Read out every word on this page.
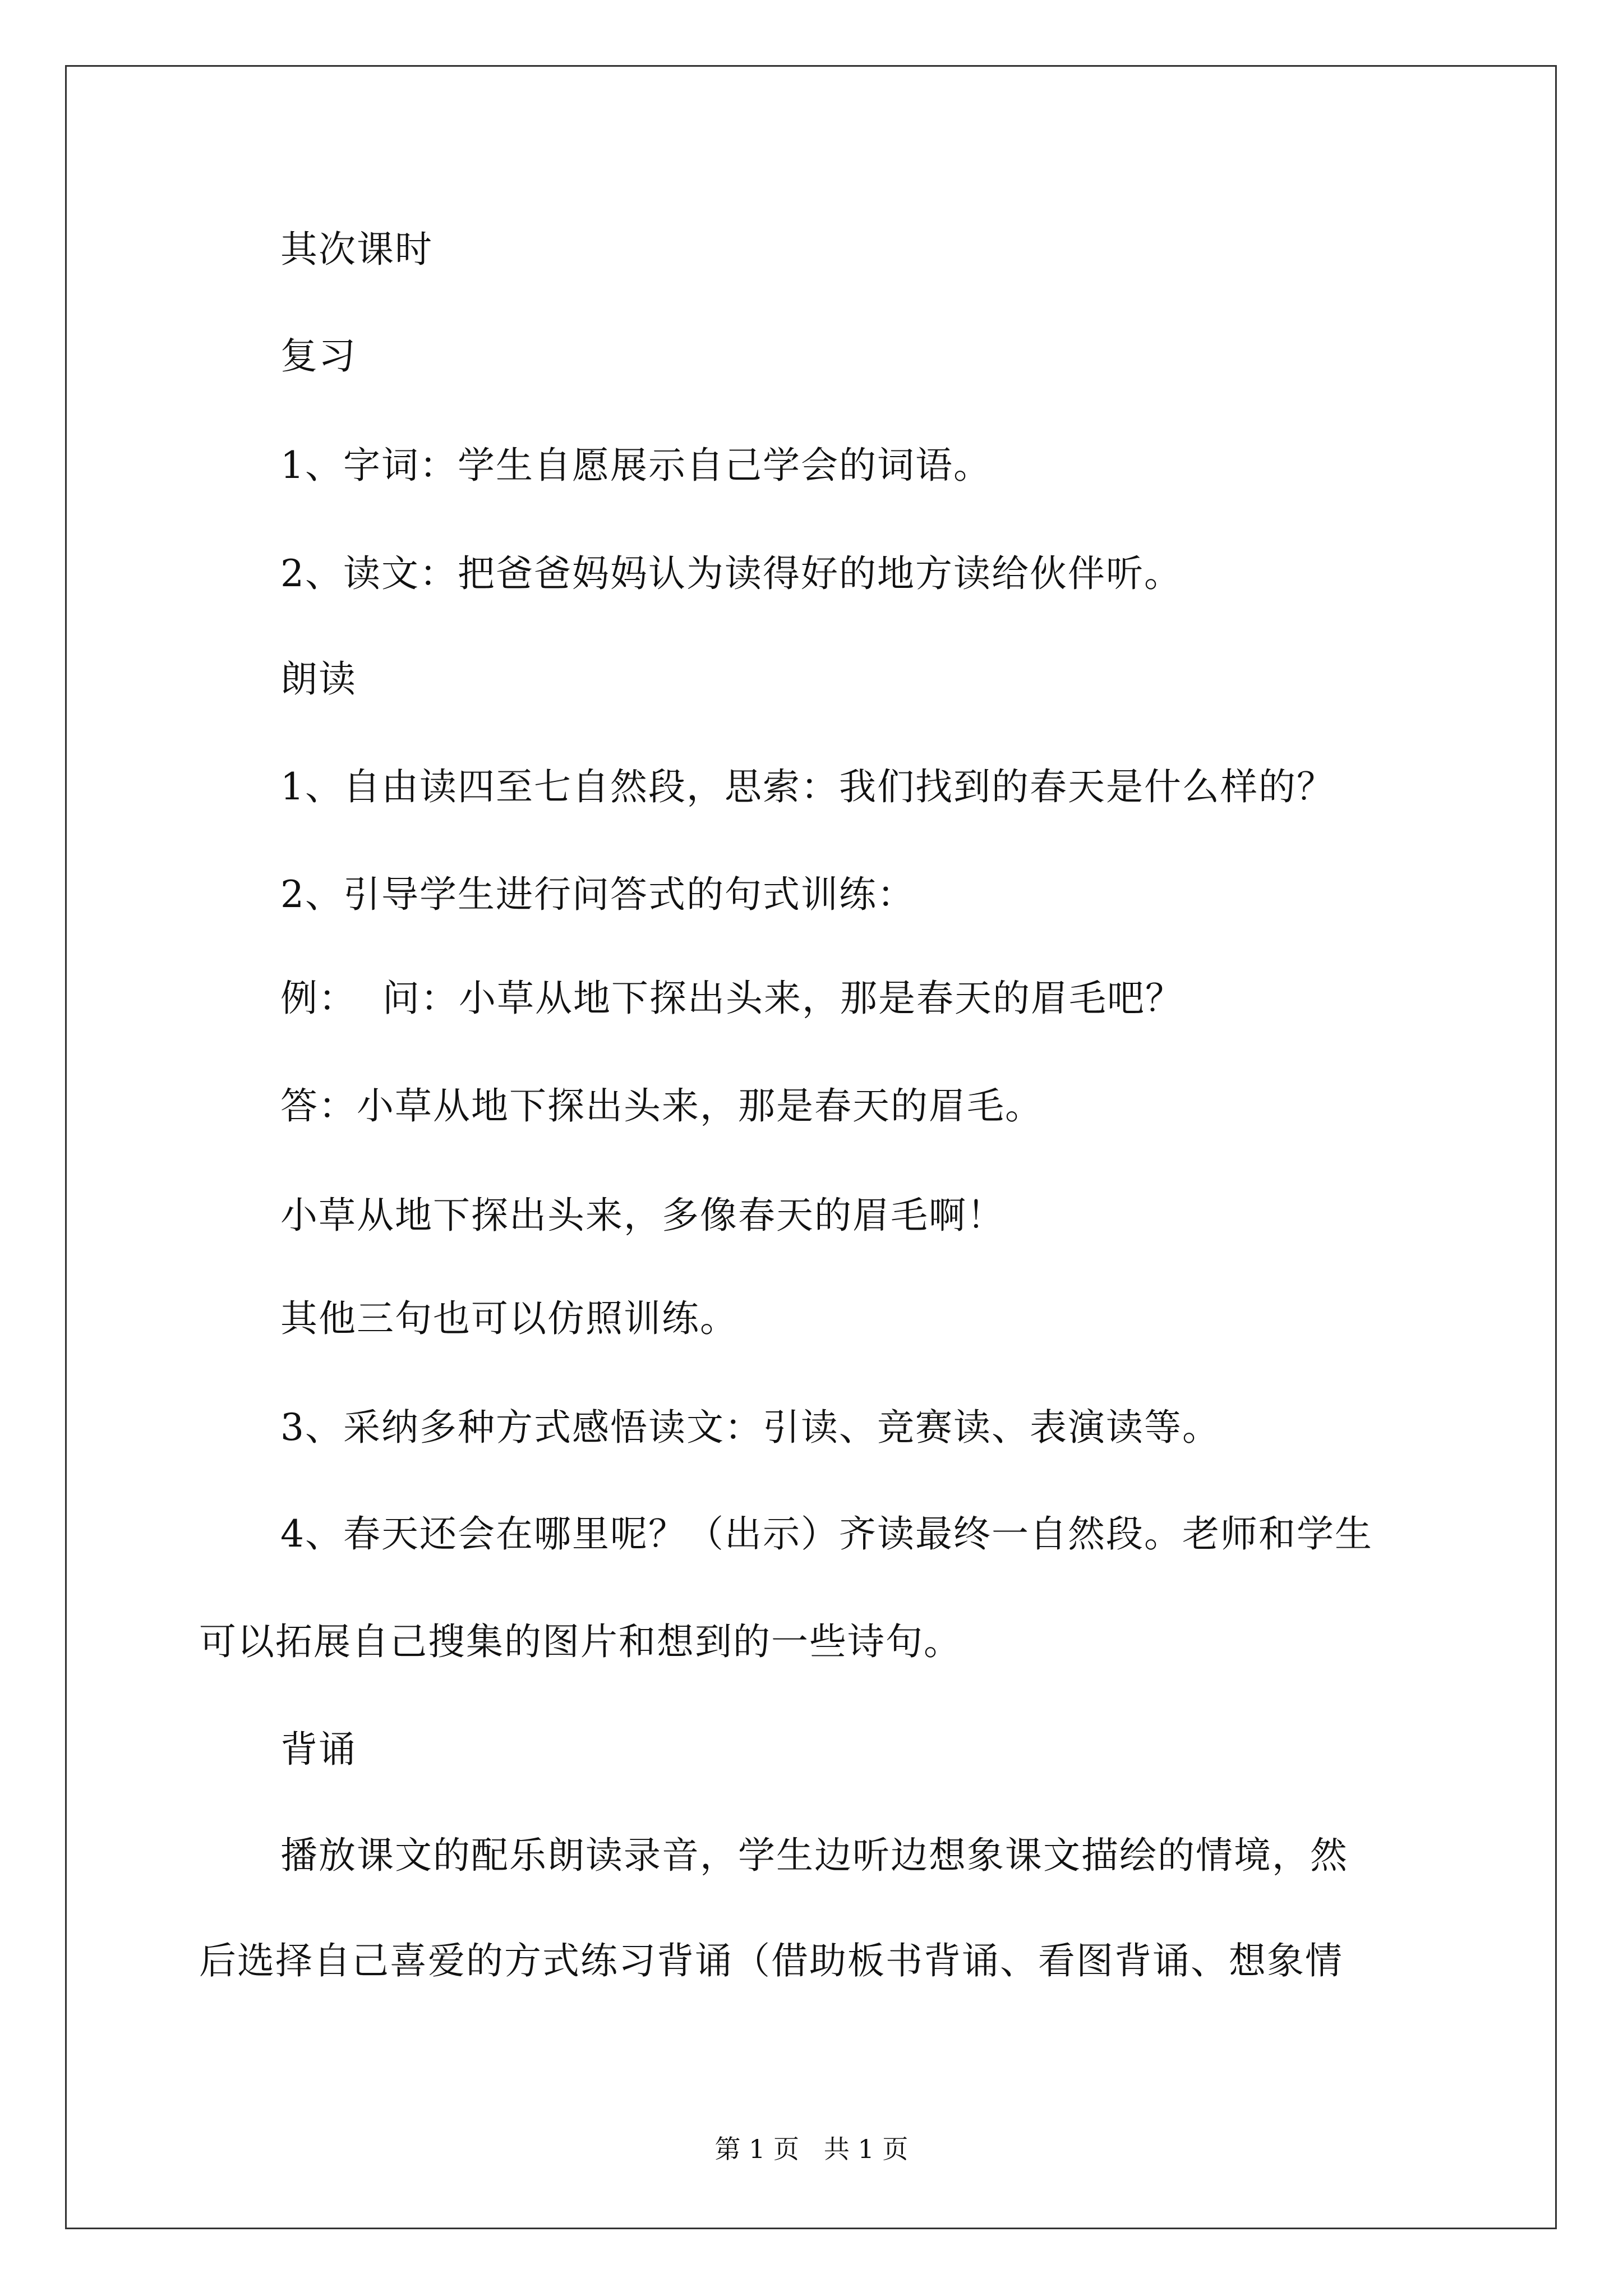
其次课时
复习
1、字词：学生自愿展示自己学会的词语。
2、读文：把爸爸妈妈认为读得好的地方读给伙伴听。
朗读
1、自由读四至七自然段，思索：我们找到的春天是什么样的？
2、引导学生进行问答式的句式训练：
例：  问：小草从地下探出头来，那是春天的眉毛吧？
答：小草从地下探出头来，那是春天的眉毛。
小草从地下探出头来，多像春天的眉毛啊！
其他三句也可以仿照训练。
3、采纳多种方式感悟读文：引读、竞赛读、表演读等。
4、春天还会在哪里呢？（出示）齐读最终一自然段。老师和学生
可以拓展自己搜集的图片和想到的一些诗句。
背诵
播放课文的配乐朗读录音，学生边听边想象课文描绘的情境，然
后选择自己喜爱的方式练习背诵（借助板书背诵、看图背诵、想象情
第 1 页   共 1 页
